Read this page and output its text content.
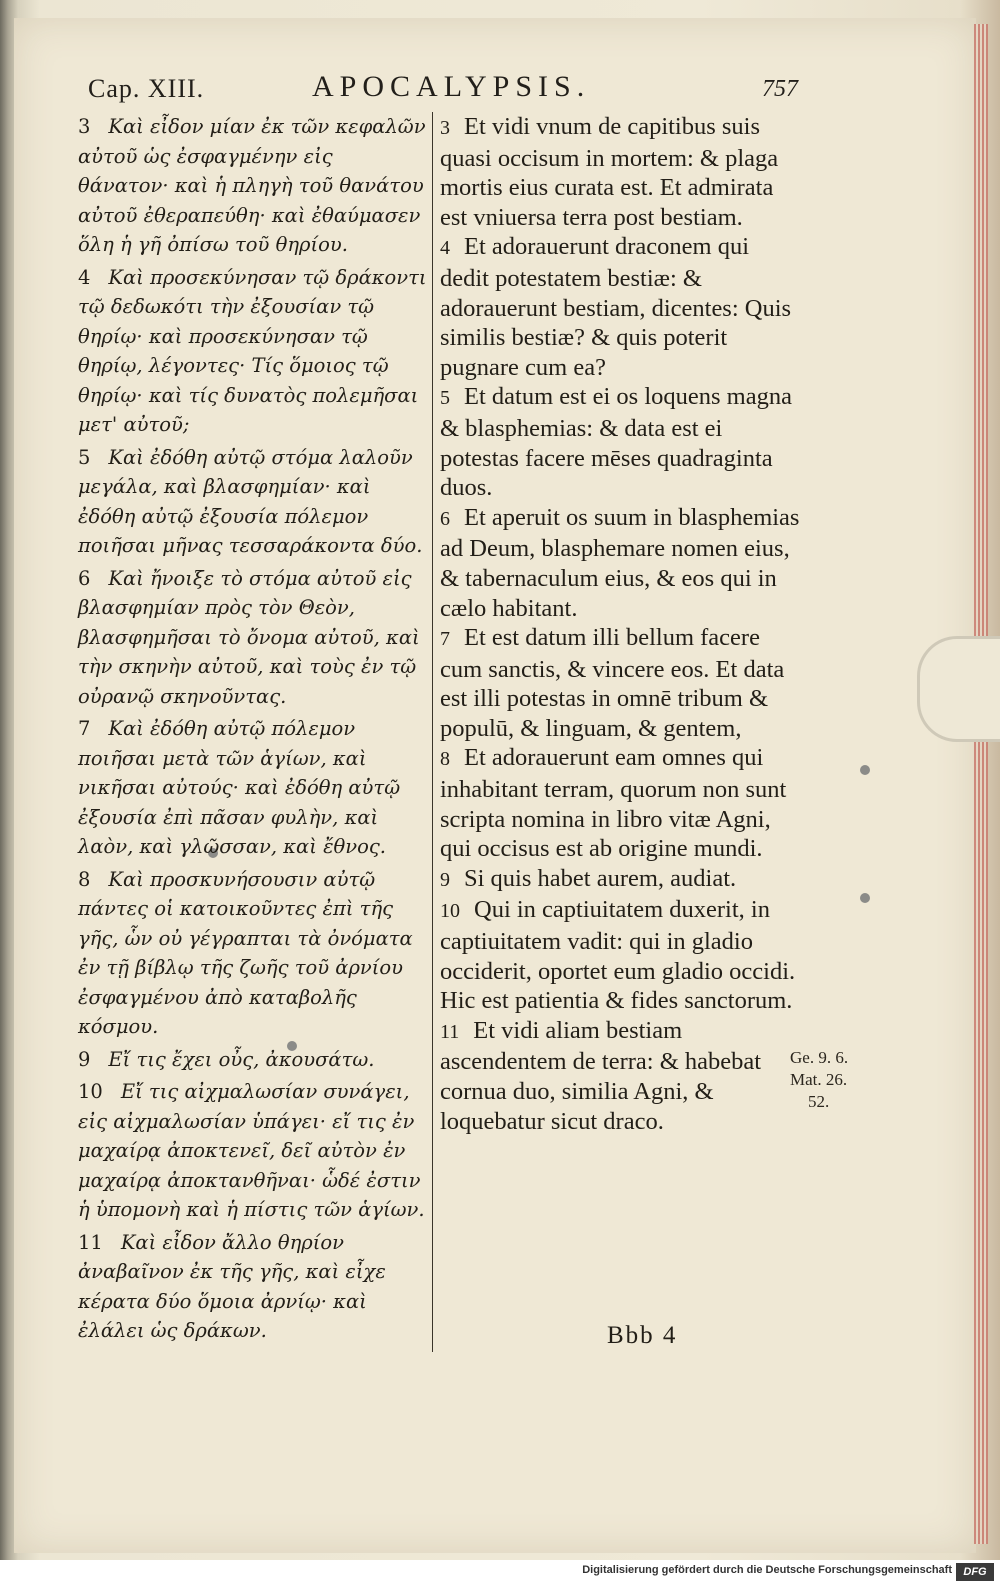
Cap. XIII.	APOCALYPSIS.	757
3 Καὶ εἶδον μίαν ἐκ τῶν κεφαλῶν αὐτοῦ ὡς ἐσφαγμένην εἰς θάνατον· καὶ ἡ πληγὴ τοῦ θανάτου αὐτοῦ ἐθεραπεύθη· καὶ ἐθαύμασεν ὅλη ἡ γῆ ὀπίσω τοῦ θηρίου.
4 Καὶ προσεκύνησαν τῷ δράκοντι τῷ δεδωκότι τὴν ἐξουσίαν τῷ θηρίῳ· καὶ προσεκύνησαν τῷ θηρίῳ, λέγοντες· Τίς ὅμοιος τῷ θηρίῳ· καὶ τίς δυνατὸς πολεμῆσαι μετ' αὐτοῦ;
5 Καὶ ἐδόθη αὐτῷ στόμα λαλοῦν μεγάλα, καὶ βλασφημίαν· καὶ ἐδόθη αὐτῷ ἐξουσία πόλεμον ποιῆσαι μῆνας τεσσαράκοντα δύο.
6 Καὶ ἤνοιξε τὸ στόμα αὐτοῦ εἰς βλασφημίαν πρὸς τὸν Θεὸν, βλασφημῆσαι τὸ ὄνομα αὐτοῦ, καὶ τὴν σκηνὴν αὐτοῦ, καὶ τοὺς ἐν τῷ οὐρανῷ σκηνοῦντας.
7 Καὶ ἐδόθη αὐτῷ πόλεμον ποιῆσαι μετὰ τῶν ἁγίων, καὶ νικῆσαι αὐτούς· καὶ ἐδόθη αὐτῷ ἐξουσία ἐπὶ πᾶσαν φυλὴν, καὶ λαὸν, καὶ γλῶσσαν, καὶ ἔθνος.
8 Καὶ προσκυνήσουσιν αὐτῷ πάντες οἱ κατοικοῦντες ἐπὶ τῆς γῆς, ὧν οὐ γέγραπται τὰ ὀνόματα ἐν τῇ βίβλῳ τῆς ζωῆς τοῦ ἀρνίου ἐσφαγμένου ἀπὸ καταβολῆς κόσμου.
9 Εἴ τις ἔχει οὖς, ἀκουσάτω.
10 Εἴ τις αἰχμαλωσίαν συνάγει, εἰς αἰχμαλωσίαν ὑπάγει· εἴ τις ἐν μαχαίρᾳ ἀποκτενεῖ, δεῖ αὐτὸν ἐν μαχαίρᾳ ἀποκτανθῆναι· ὧδέ ἐστιν ἡ ὑπομονὴ καὶ ἡ πίστις τῶν ἁγίων.
11 Καὶ εἶδον ἄλλο θηρίον ἀναβαῖνον ἐκ τῆς γῆς, καὶ εἶχε κέρατα δύο ὅμοια ἀρνίῳ· καὶ ἐλάλει ὡς δράκων.
3 Et vidi vnum de capitibus suis quasi occisum in mortem: & plaga mortis eius curata est. Et admirata est vniuersa terra post bestiam.
4 Et adorauerunt draconem qui dedit potestatem bestiæ: & adorauerunt bestiam, dicentes: Quis similis bestiæ? & quis poterit pugnare cum ea?
5 Et datum est ei os loquens magna & blasphemias: & data est ei potestas facere mēses quadraginta duos.
6 Et aperuit os suum in blasphemias ad Deum, blasphemare nomen eius, & tabernaculum eius, & eos qui in cælo habitant.
7 Et est datum illi bellum facere cum sanctis, & vincere eos. Et data est illi potestas in omnē tribum & populū, & linguam, & gentem,
8 Et adorauerunt eam omnes qui inhabitant terram, quorum non sunt scripta nomina in libro vitæ Agni, qui occisus est ab origine mundi.
9 Si quis habet aurem, audiat.
10 Qui in captiuitatem duxerit, in captiuitatem vadit: qui in gladio occiderit, oportet eum gladio occidi. Hic est patientia & fides sanctorum.
11 Et vidi aliam bestiam ascendentem de terra: & habebat cornua duo, similia Agni, & loquebatur sicut draco.
Ge. 9. 6.
Mat. 26.
52.
Bbb 4
Digitalisierung gefördert durch die Deutsche Forschungsgemeinschaft	DFG
